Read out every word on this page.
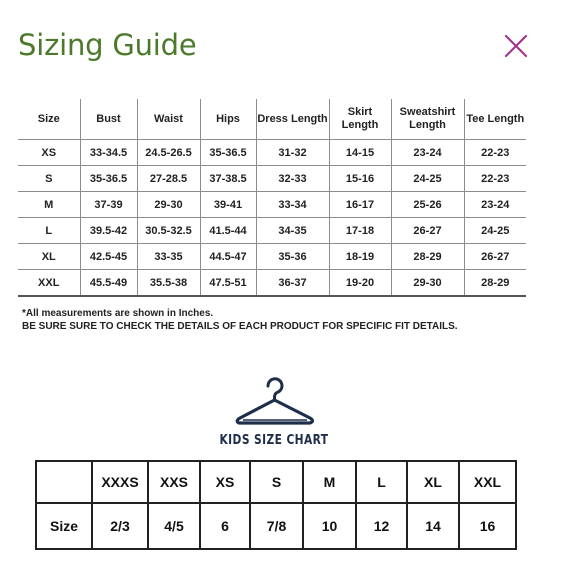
Sizing Guide
Size	Bust	Waist	Hips	Dress Length	Skirt Length	Sweatshirt Length	Tee Length
XS	33-34.5	24.5-26.5	35-36.5	31-32	14-15	23-24	22-23
S	35-36.5	27-28.5	37-38.5	32-33	15-16	24-25	22-23
M	37-39	29-30	39-41	33-34	16-17	25-26	23-24
L	39.5-42	30.5-32.5	41.5-44	34-35	17-18	26-27	24-25
XL	42.5-45	33-35	44.5-47	35-36	18-19	28-29	26-27
XXL	45.5-49	35.5-38	47.5-51	36-37	19-20	29-30	28-29
*All measurements are shown in Inches.
BE SURE SURE TO CHECK THE DETAILS OF EACH PRODUCT FOR SPECIFIC FIT DETAILS.
KIDS SIZE CHART
	XXXS	XXS	XS	S	M	L	XL	XXL
Size	2/3	4/5	6	7/8	10	12	14	16
